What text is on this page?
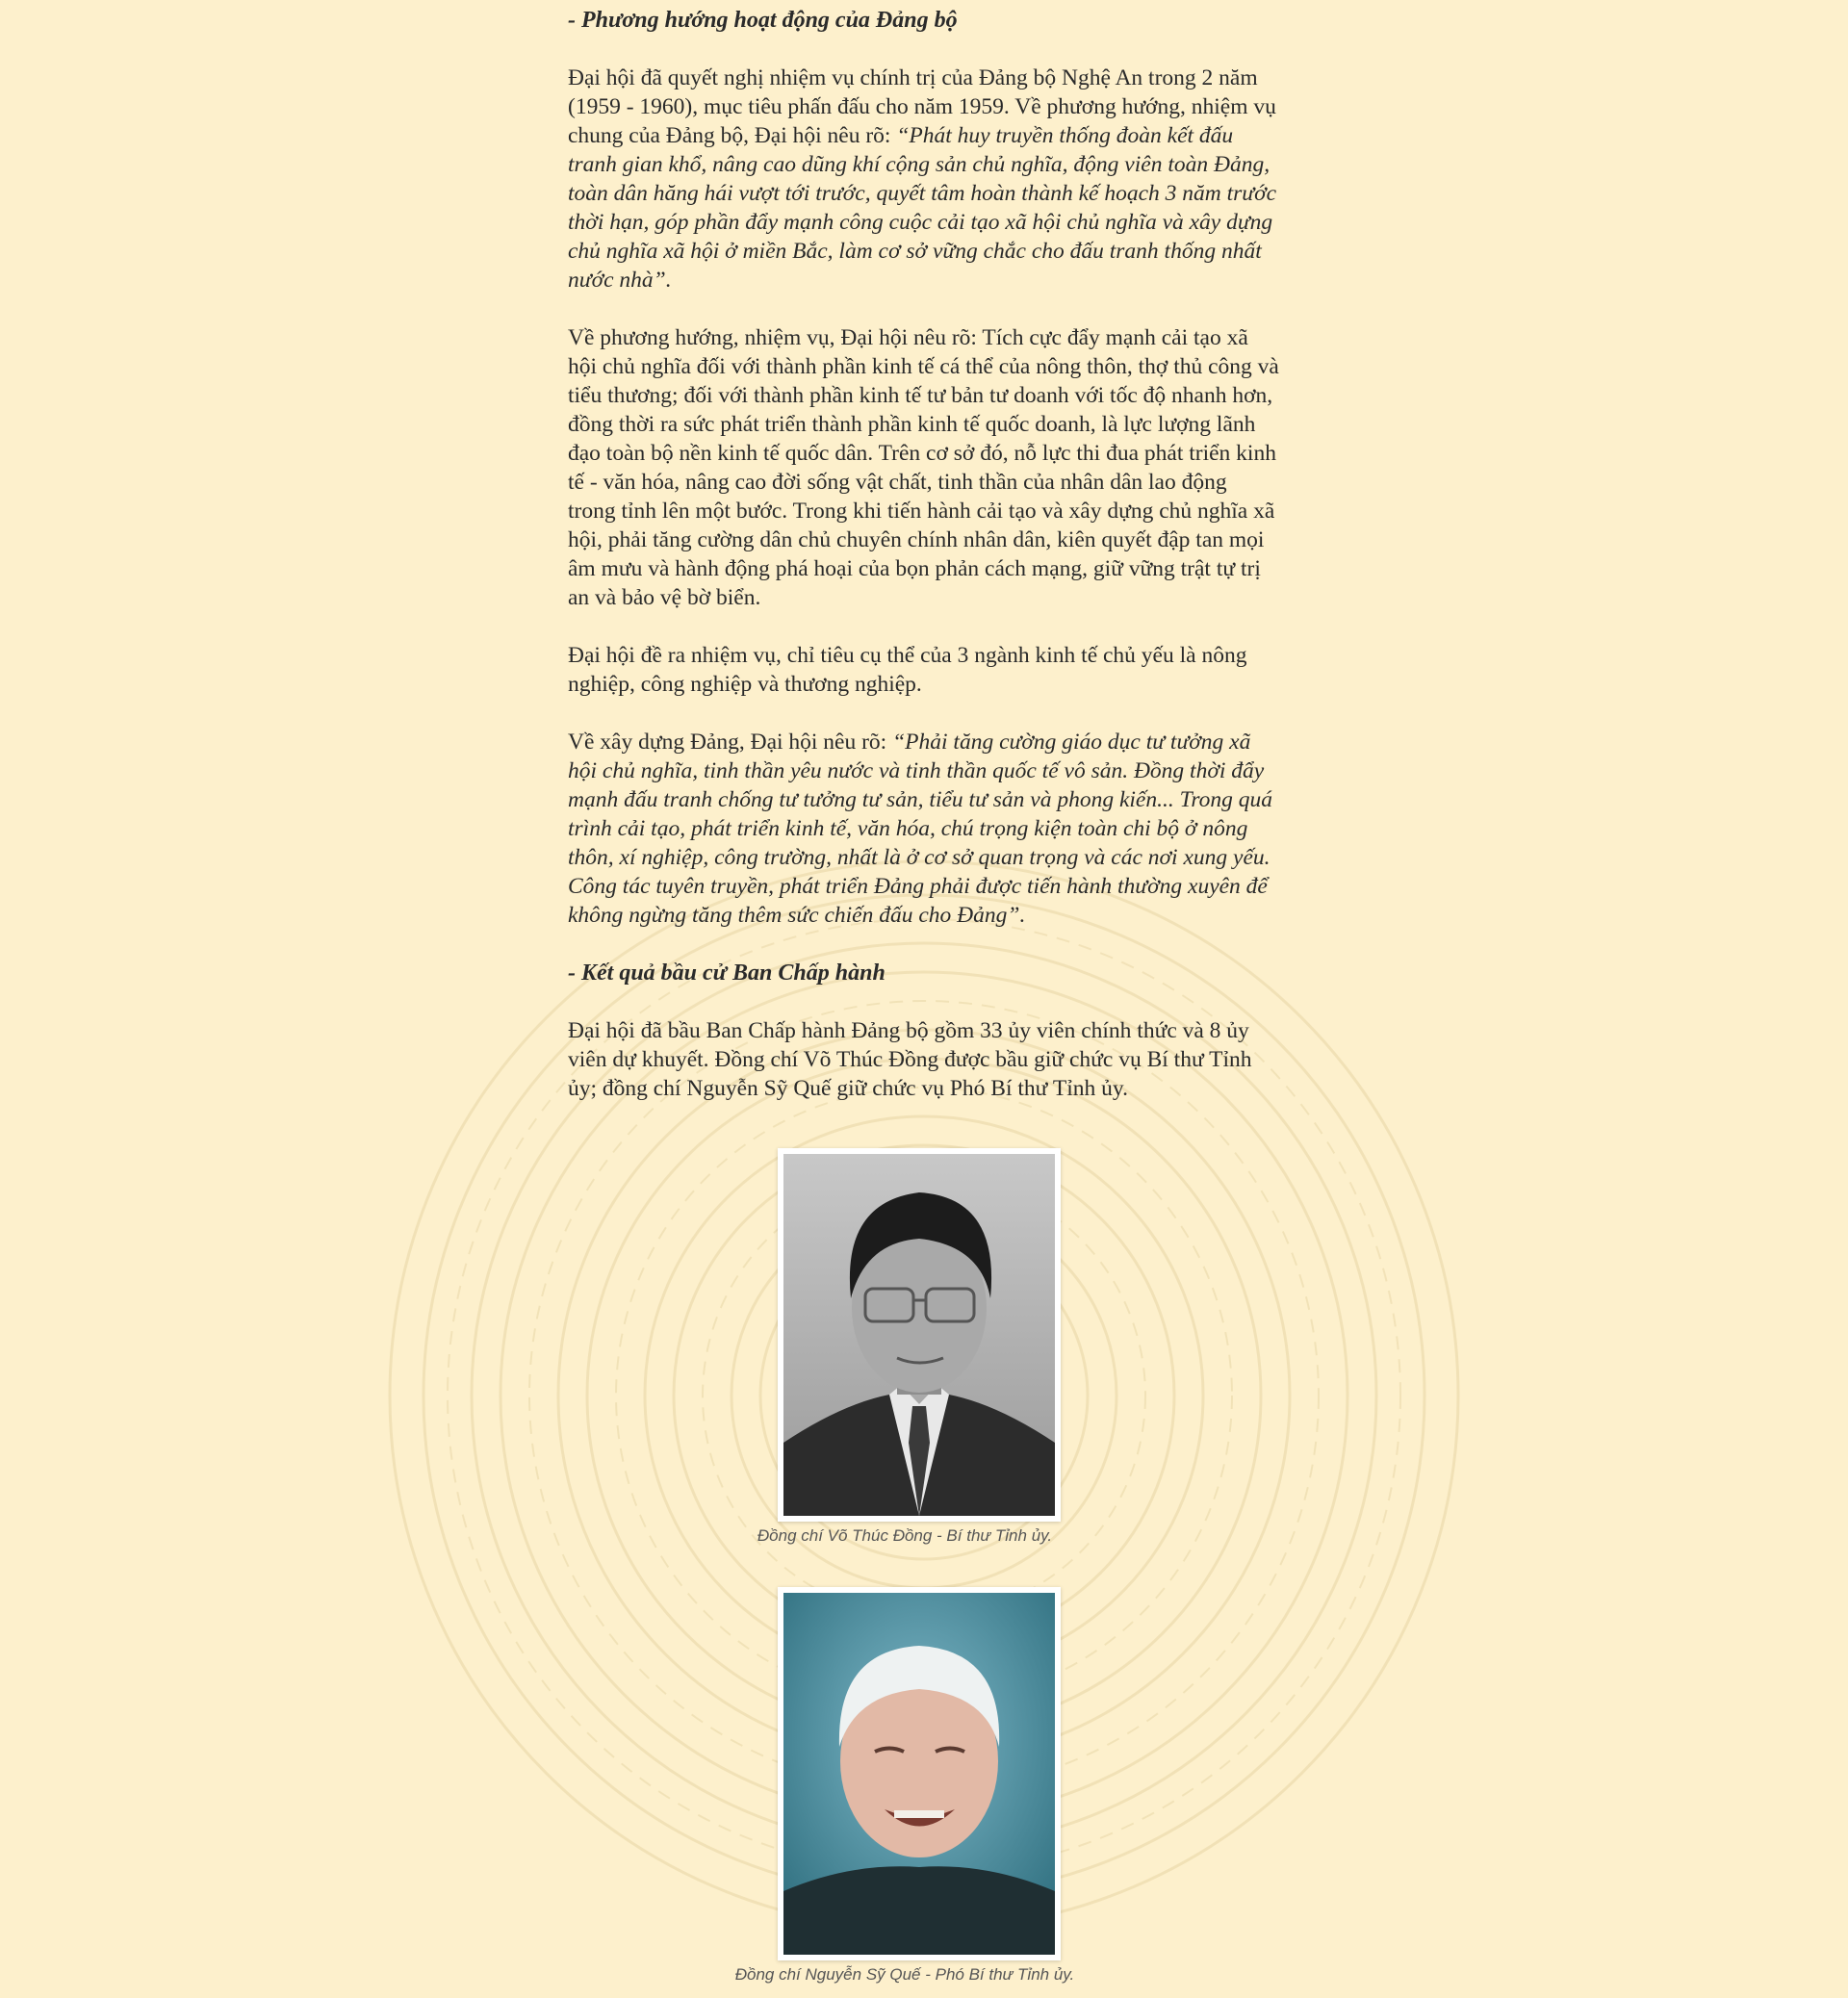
- Phương hướng hoạt động của Đảng bộ

Đại hội đã quyết nghị nhiệm vụ chính trị của Đảng bộ Nghệ An trong 2 năm (1959 - 1960), mục tiêu phấn đấu cho năm 1959. Về phương hướng, nhiệm vụ chung của Đảng bộ, Đại hội nêu rõ: “Phát huy truyền thống đoàn kết đấu tranh gian khổ, nâng cao dũng khí cộng sản chủ nghĩa, động viên toàn Đảng, toàn dân hăng hái vượt tới trước, quyết tâm hoàn thành kế hoạch 3 năm trước thời hạn, góp phần đẩy mạnh công cuộc cải tạo xã hội chủ nghĩa và xây dựng chủ nghĩa xã hội ở miền Bắc, làm cơ sở vững chắc cho đấu tranh thống nhất nước nhà”.

Về phương hướng, nhiệm vụ, Đại hội nêu rõ: Tích cực đẩy mạnh cải tạo xã hội chủ nghĩa đối với thành phần kinh tế cá thể của nông thôn, thợ thủ công và tiểu thương; đối với thành phần kinh tế tư bản tư doanh với tốc độ nhanh hơn, đồng thời ra sức phát triển thành phần kinh tế quốc doanh, là lực lượng lãnh đạo toàn bộ nền kinh tế quốc dân. Trên cơ sở đó, nỗ lực thi đua phát triển kinh tế - văn hóa, nâng cao đời sống vật chất, tinh thần của nhân dân lao động trong tỉnh lên một bước. Trong khi tiến hành cải tạo và xây dựng chủ nghĩa xã hội, phải tăng cường dân chủ chuyên chính nhân dân, kiên quyết đập tan mọi âm mưu và hành động phá hoại của bọn phản cách mạng, giữ vững trật tự trị an và bảo vệ bờ biển.

Đại hội đề ra nhiệm vụ, chỉ tiêu cụ thể của 3 ngành kinh tế chủ yếu là nông nghiệp, công nghiệp và thương nghiệp.

Về xây dựng Đảng, Đại hội nêu rõ: “Phải tăng cường giáo dục tư tưởng xã hội chủ nghĩa, tinh thần yêu nước và tinh thần quốc tế vô sản. Đồng thời đẩy mạnh đấu tranh chống tư tưởng tư sản, tiểu tư sản và phong kiến... Trong quá trình cải tạo, phát triển kinh tế, văn hóa, chú trọng kiện toàn chi bộ ở nông thôn, xí nghiệp, công trường, nhất là ở cơ sở quan trọng và các nơi xung yếu. Công tác tuyên truyền, phát triển Đảng phải được tiến hành thường xuyên để không ngừng tăng thêm sức chiến đấu cho Đảng”.

- Kết quả bầu cử Ban Chấp hành

Đại hội đã bầu Ban Chấp hành Đảng bộ gồm 33 ủy viên chính thức và 8 ủy viên dự khuyết. Đồng chí Võ Thúc Đồng được bầu giữ chức vụ Bí thư Tỉnh ủy; đồng chí Nguyễn Sỹ Quế giữ chức vụ Phó Bí thư Tỉnh ủy.

Đồng chí Võ Thúc Đồng - Bí thư Tỉnh ủy.
Đồng chí Nguyễn Sỹ Quế - Phó Bí thư Tỉnh ủy.
